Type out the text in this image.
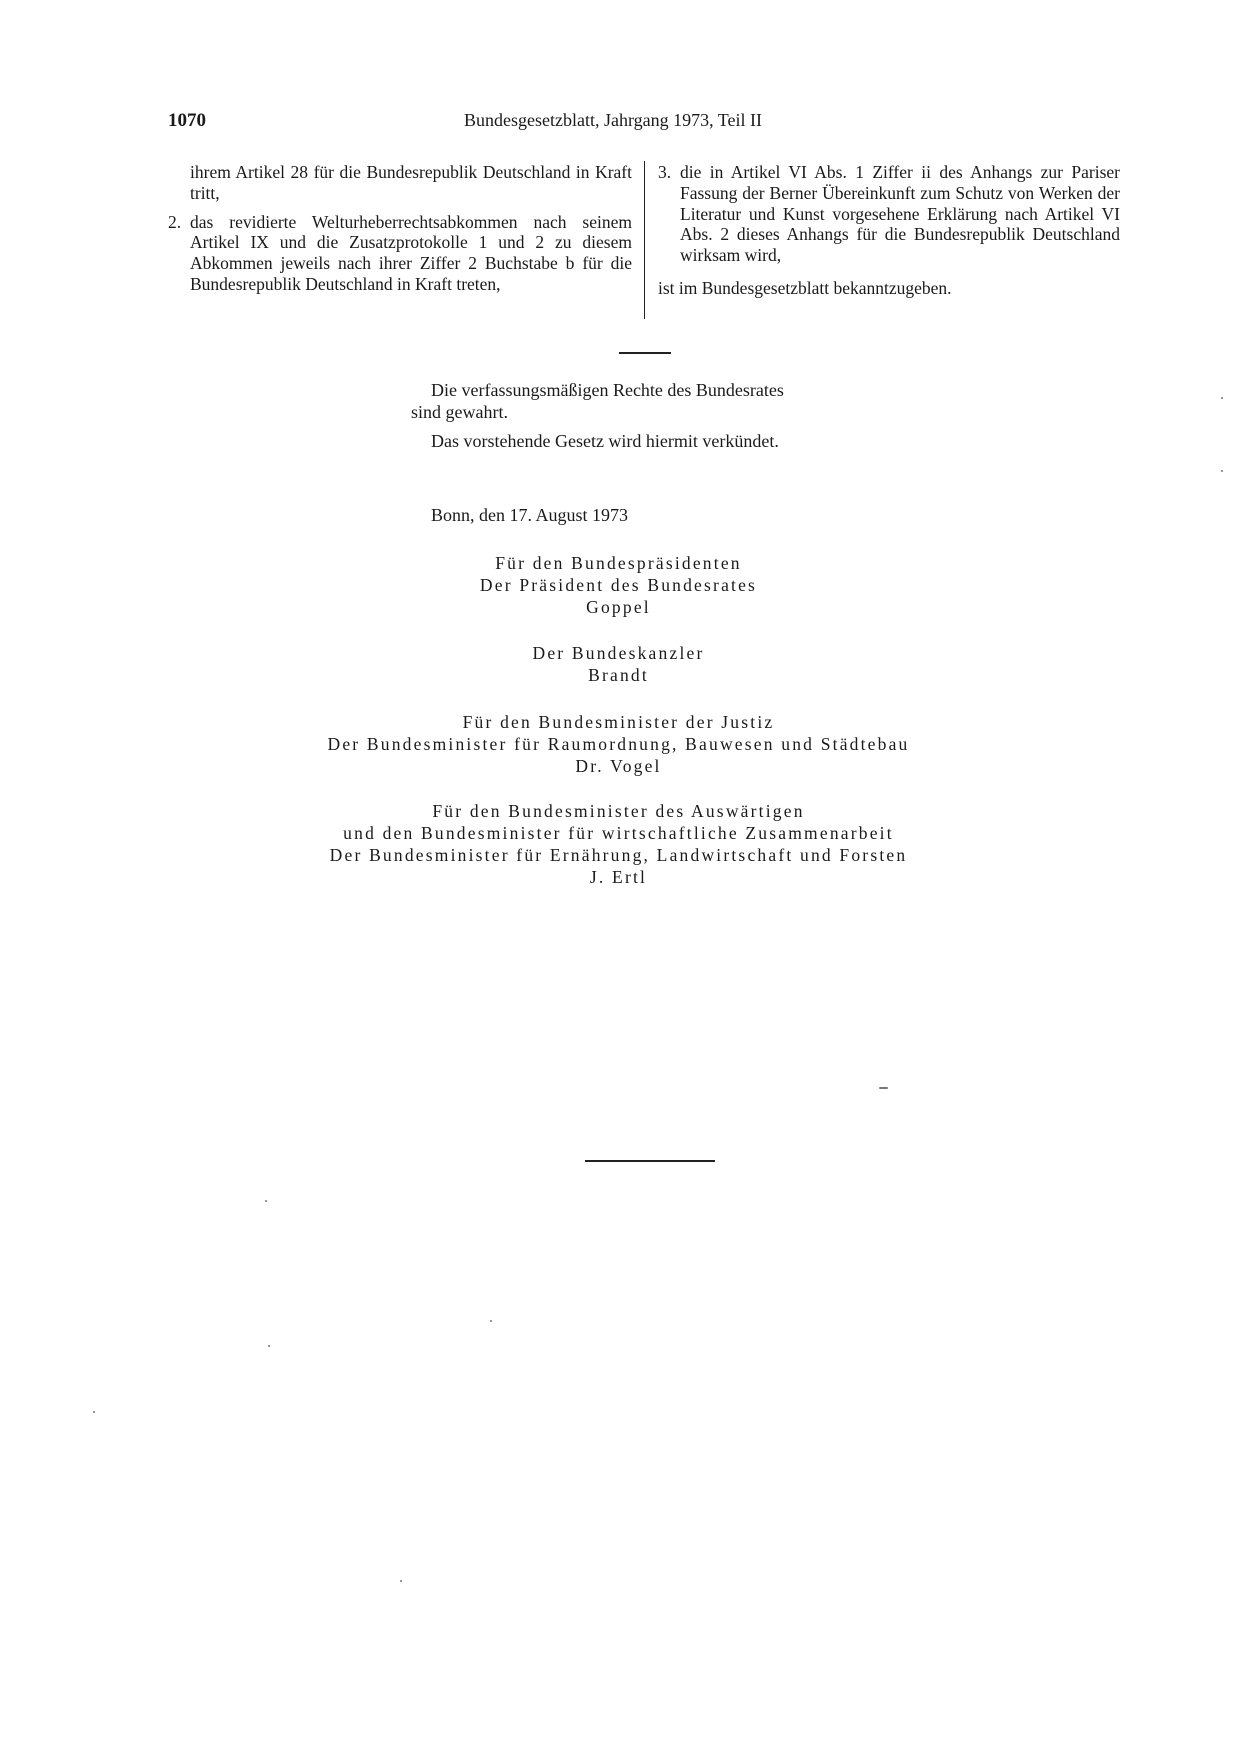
1070	Bundesgesetzblatt, Jahrgang 1973, Teil II

ihrem Artikel 28 für die Bundesrepublik Deutschland in Kraft tritt,

2. das revidierte Welturheberrechtsabkommen nach seinem Artikel IX und die Zusatzprotokolle 1 und 2 zu diesem Abkommen jeweils nach ihrer Ziffer 2 Buchstabe b für die Bundesrepublik Deutschland in Kraft treten,
3. die in Artikel VI Abs. 1 Ziffer ii des Anhangs zur Pariser Fassung der Berner Übereinkunft zum Schutz von Werken der Literatur und Kunst vorgesehene Erklärung nach Artikel VI Abs. 2 dieses Anhangs für die Bundesrepublik Deutschland wirksam wird,

ist im Bundesgesetzblatt bekanntzugeben.

Die verfassungsmäßigen Rechte des Bundesrates
sind gewahrt.
Das vorstehende Gesetz wird hiermit verkündet.
Bonn, den 17. August 1973
Für den Bundespräsidenten
Der Präsident des Bundesrates
Goppel
Der Bundeskanzler
Brandt
Für den Bundesminister der Justiz
Der Bundesminister für Raumordnung, Bauwesen und Städtebau
Dr. Vogel
Für den Bundesminister des Auswärtigen
und den Bundesminister für wirtschaftliche Zusammenarbeit
Der Bundesminister für Ernährung, Landwirtschaft und Forsten
J. Ertl
